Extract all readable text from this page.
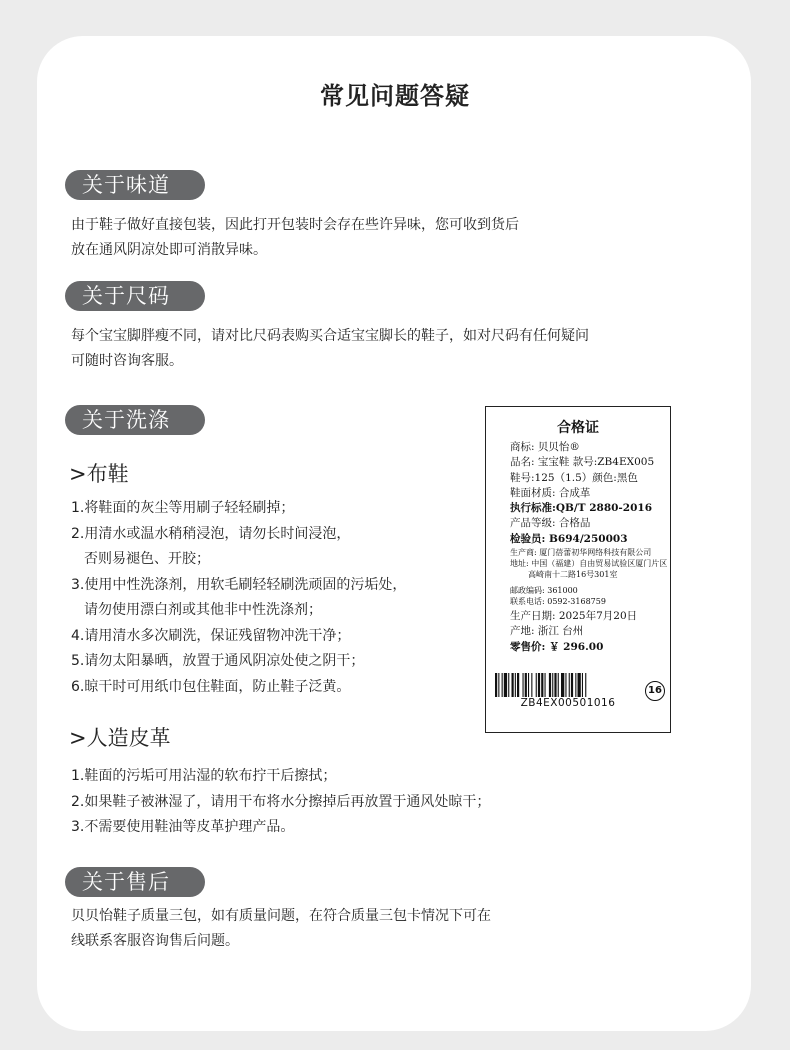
常见问题答疑
关于味道
由于鞋子做好直接包装，因此打开包装时会存在些许异味，您可收到货后
放在通风阴凉处即可消散异味。
关于尺码
每个宝宝脚胖瘦不同，请对比尺码表购买合适宝宝脚长的鞋子，如对尺码有任何疑问
可随时咨询客服。
关于洗涤
>布鞋
1.将鞋面的灰尘等用刷子轻轻刷掉；
2.用清水或温水稍稍浸泡，请勿长时间浸泡，
否则易褪色、开胶；
3.使用中性洗涤剂，用软毛刷轻轻刷洗顽固的污垢处，
请勿使用漂白剂或其他非中性洗涤剂；
4.请用清水多次刷洗，保证残留物冲洗干净；
5.请勿太阳暴晒，放置于通风阴凉处使之阴干；
6.晾干时可用纸巾包住鞋面，防止鞋子泛黄。
>人造皮革
1.鞋面的污垢可用沾湿的软布拧干后擦拭；
2.如果鞋子被淋湿了，请用干布将水分擦掉后再放置于通风处晾干；
3.不需要使用鞋油等皮革护理产品。
关于售后
贝贝怡鞋子质量三包，如有质量问题，在符合质量三包卡情况下可在
线联系客服咨询售后问题。
合格证
商标: 贝贝怡®
品名: 宝宝鞋 款号:ZB4EX005
鞋号:125（1.5）颜色:黑色
鞋面材质: 合成革
执行标准:QB/T 2880-2016
产品等级: 合格品
检验员: B694/250003
生产商: 厦门蓓蕾初华网络科技有限公司
地址: 中国（福建）自由贸易试验区厦门片区
高崎南十二路16号301室
邮政编码: 361000
联系电话: 0592-3168759
生产日期: 2025年7月20日
产地: 浙江 台州
零售价: ￥ 296.00
ZB4EX00501016
16
